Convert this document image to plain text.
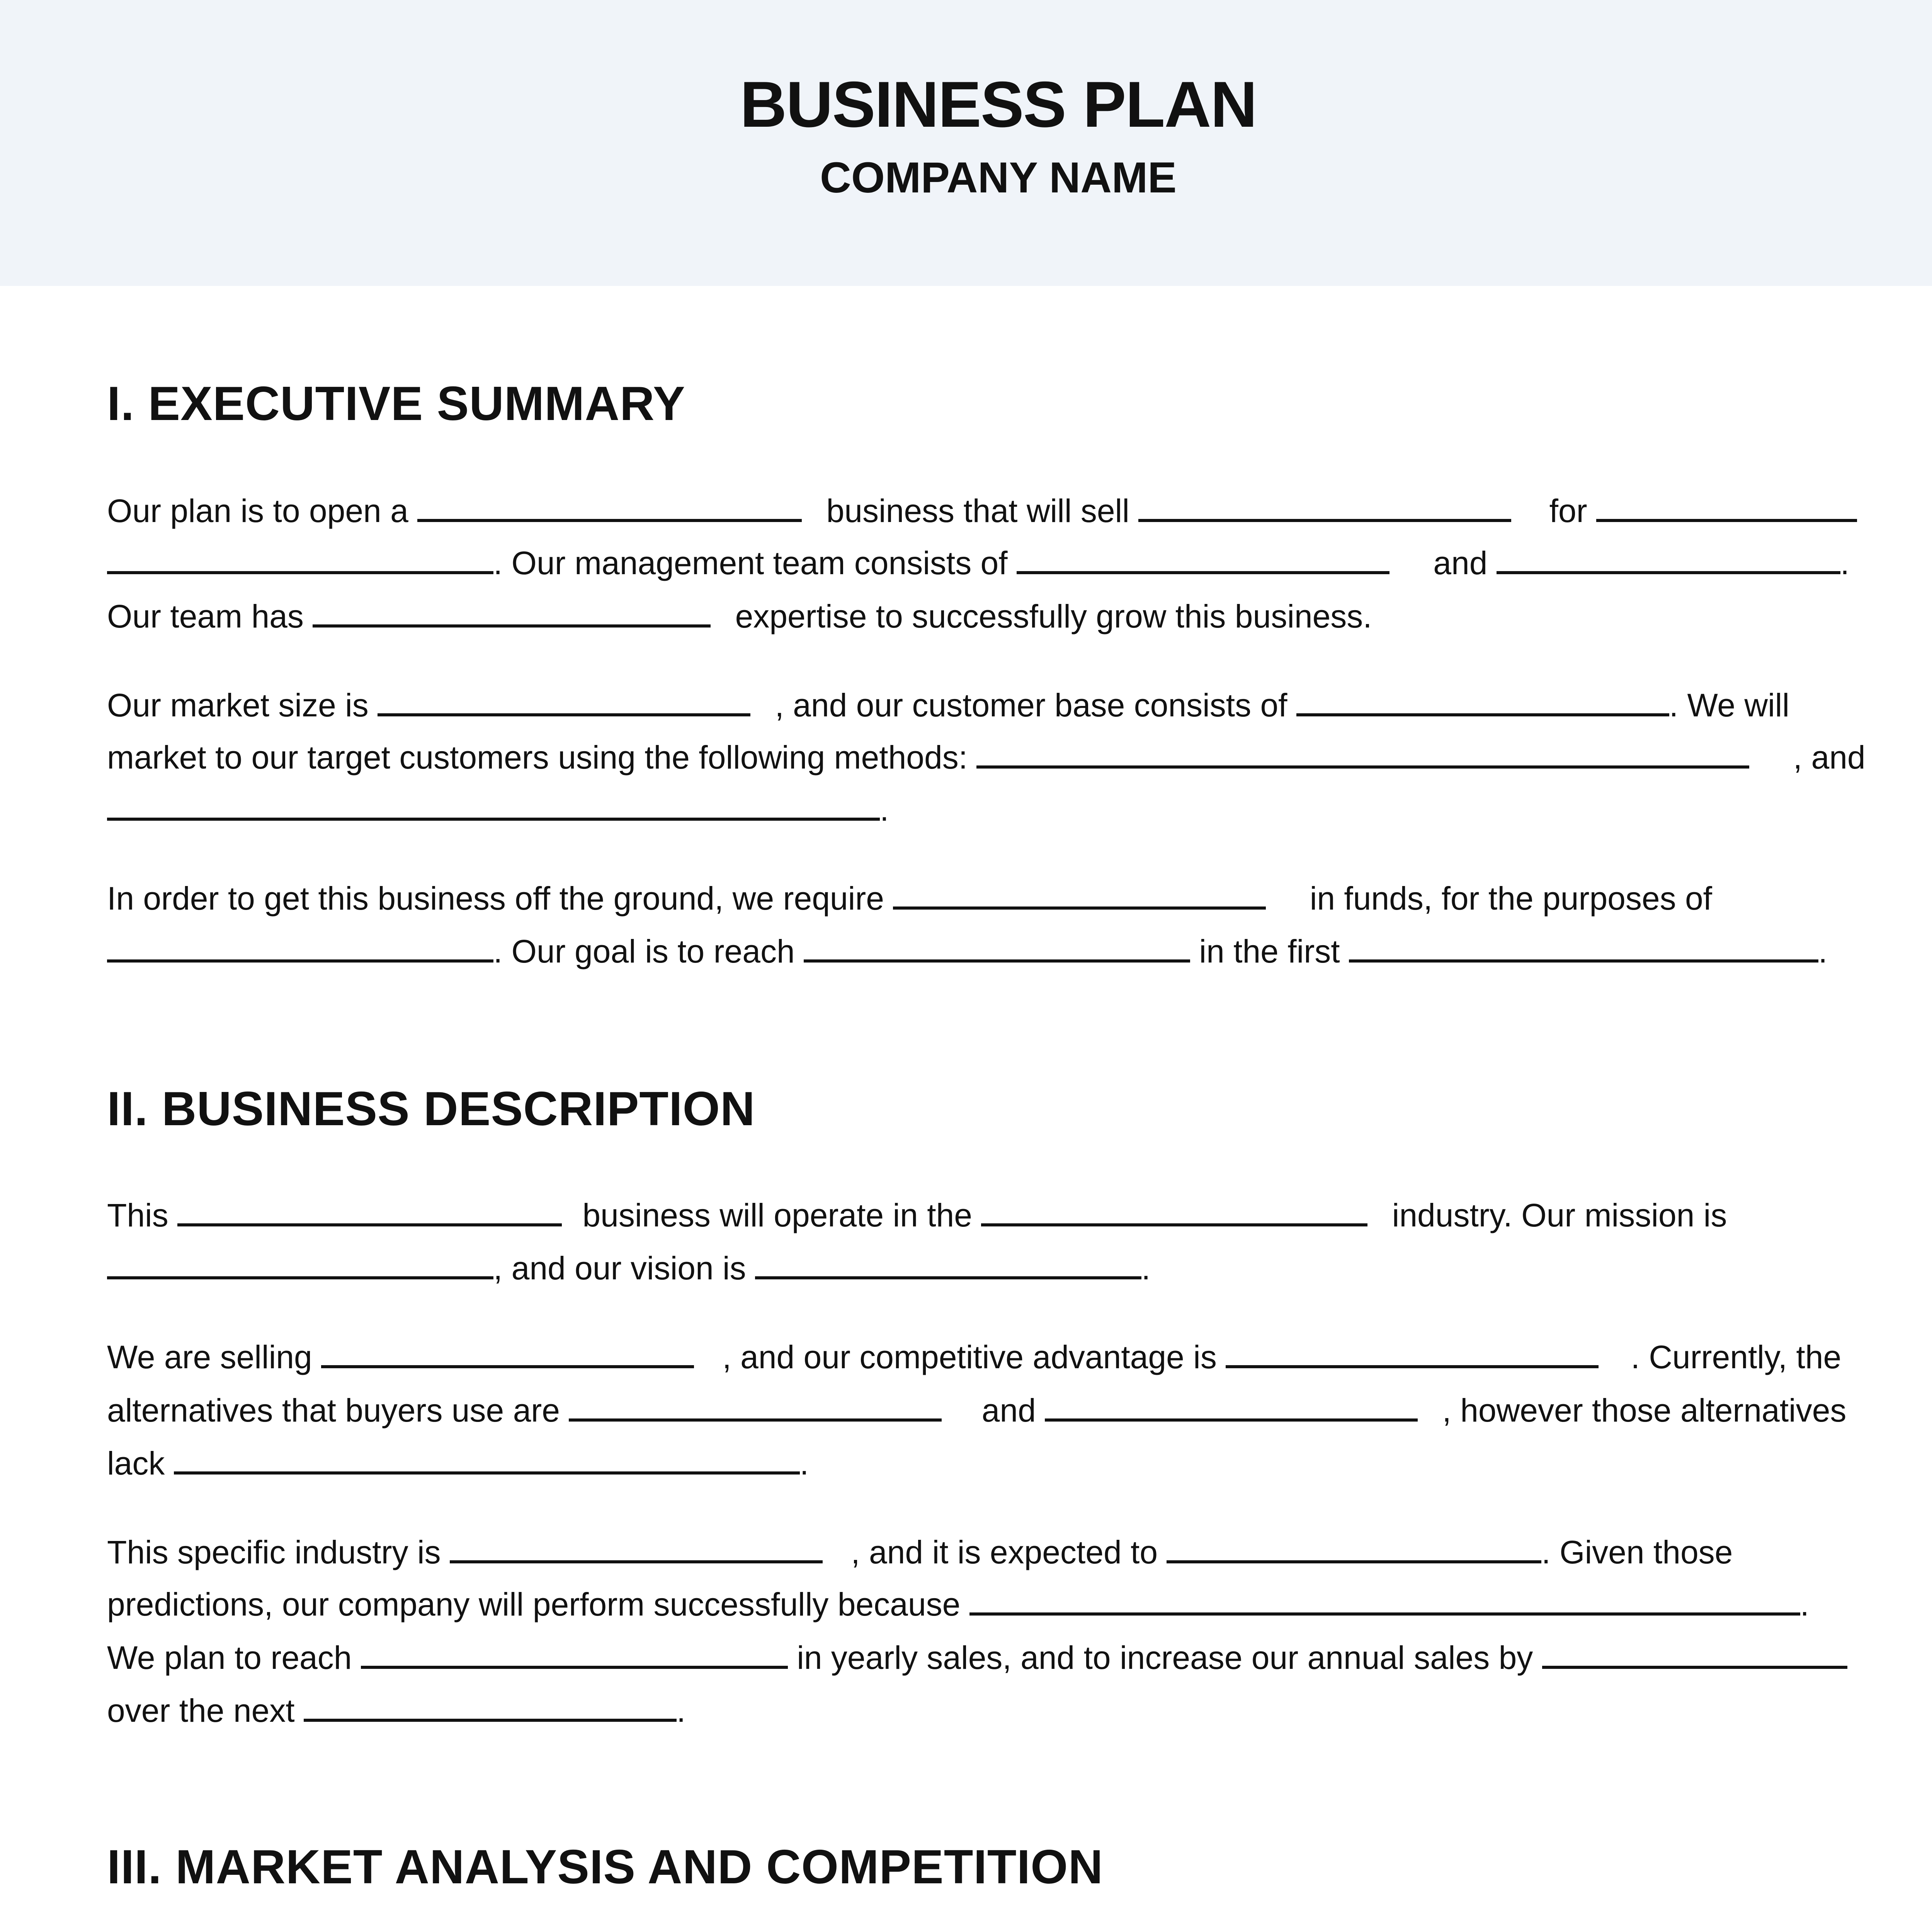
BUSINESS PLAN
COMPANY NAME
I. EXECUTIVE SUMMARY
Our plan is to open a	business that will sell	for
. Our management team consists of	and	.
Our team has	expertise to successfully grow this business.
Our market size is	, and our customer base consists of	. We will
market to our target customers using the following methods:	, and
.
In order to get this business off the ground, we require	in funds, for the purposes of
. Our goal is to reach	in the first	.
II. BUSINESS DESCRIPTION
This	business will operate in the	industry. Our mission is
, and our vision is	.
We are selling	, and our competitive advantage is	. Currently, the
alternatives that buyers use are	and	, however those alternatives
lack	.
This specific industry is	, and it is expected to	. Given those
predictions, our company will perform successfully because	.
We plan to reach	in yearly sales, and to increase our annual sales by
over the next	.
III. MARKET ANALYSIS AND COMPETITION
